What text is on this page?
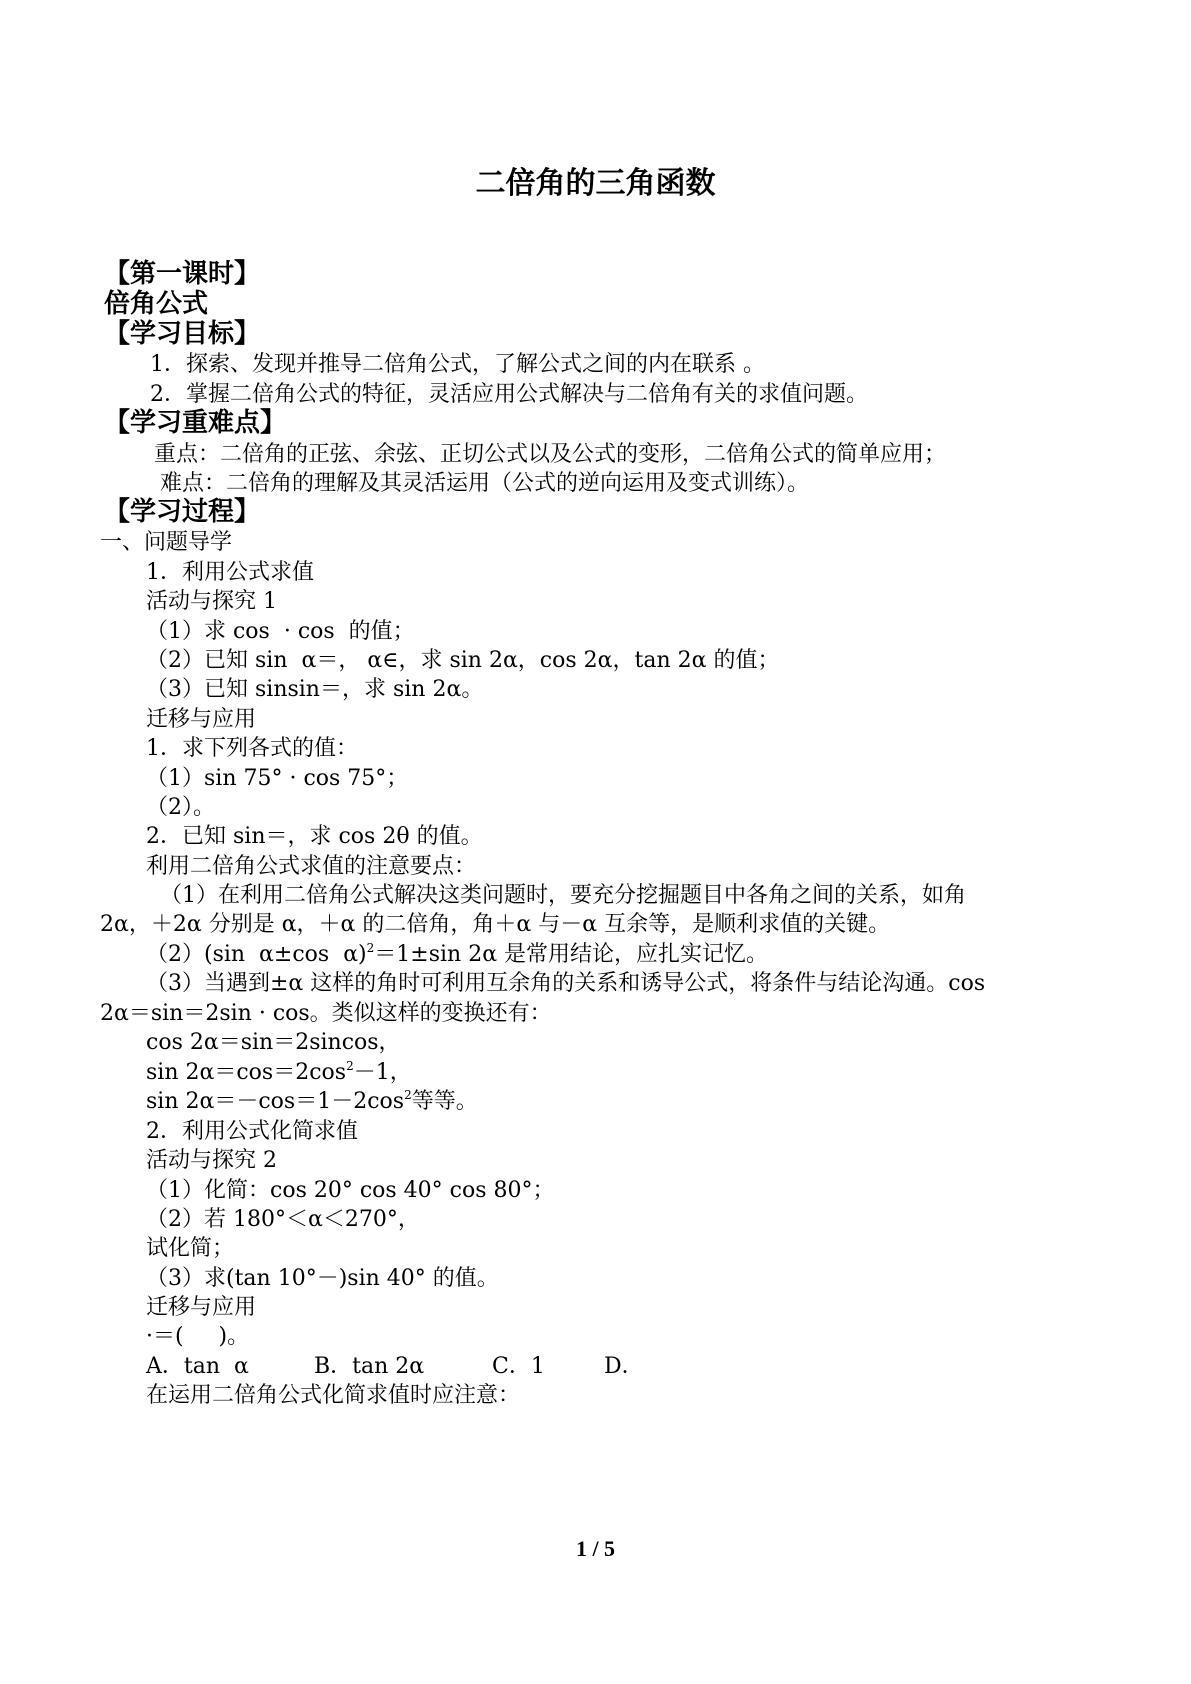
二倍角的三角函数
【第一课时】
倍角公式
【学习目标】
1．探索、发现并推导二倍角公式，了解公式之间的内在联系 。
2．掌握二倍角公式的特征，灵活应用公式解决与二倍角有关的求值问题。
【学习重难点】
重点：二倍角的正弦、余弦、正切公式以及公式的变形，二倍角公式的简单应用；
难点：二倍角的理解及其灵活运用（公式的逆向运用及变式训练）。
【学习过程】
一、问题导学
1．利用公式求值
活动与探究 1
（1）求 cos  · cos  的值；
（2）已知 sin  α＝， α∈，求 sin 2α，cos 2α，tan 2α 的值；
（3）已知 sinsin＝，求 sin 2α。
迁移与应用
1．求下列各式的值：
（1）sin 75° · cos 75°；
（2）。
2．已知 sin＝，求 cos 2θ 的值。
利用二倍角公式求值的注意要点：
（1）在利用二倍角公式解决这类问题时，要充分挖掘题目中各角之间的关系，如角
2α，＋2α 分别是 α，＋α 的二倍角，角＋α 与－α 互余等，是顺利求值的关键。
（2）(sin  α±cos  α)$^2$＝1±sin 2α 是常用结论，应扎实记忆。
（3）当遇到±α 这样的角时可利用互余角的关系和诱导公式，将条件与结论沟通。cos
2α＝sin＝2sin · cos。类似这样的变换还有：
cos 2α＝sin＝2sincos，
$\sin 2\alpha=\cos=2\cos^2-1$，
$\sin 2\alpha=-\cos=1-2\cos^2$等等。
2．利用公式化简求值
活动与探究 2
（1）化简：cos 20° cos 40° cos 80°；
（2）若 180°＜α＜270°，
试化简；
（3）求(tan 10°－)sin 40° 的值。
迁移与应用
·＝(     )。
A．tan  α	B．tan 2α	C．1	D．
在运用二倍角公式化简求值时应注意：
1 / 5
